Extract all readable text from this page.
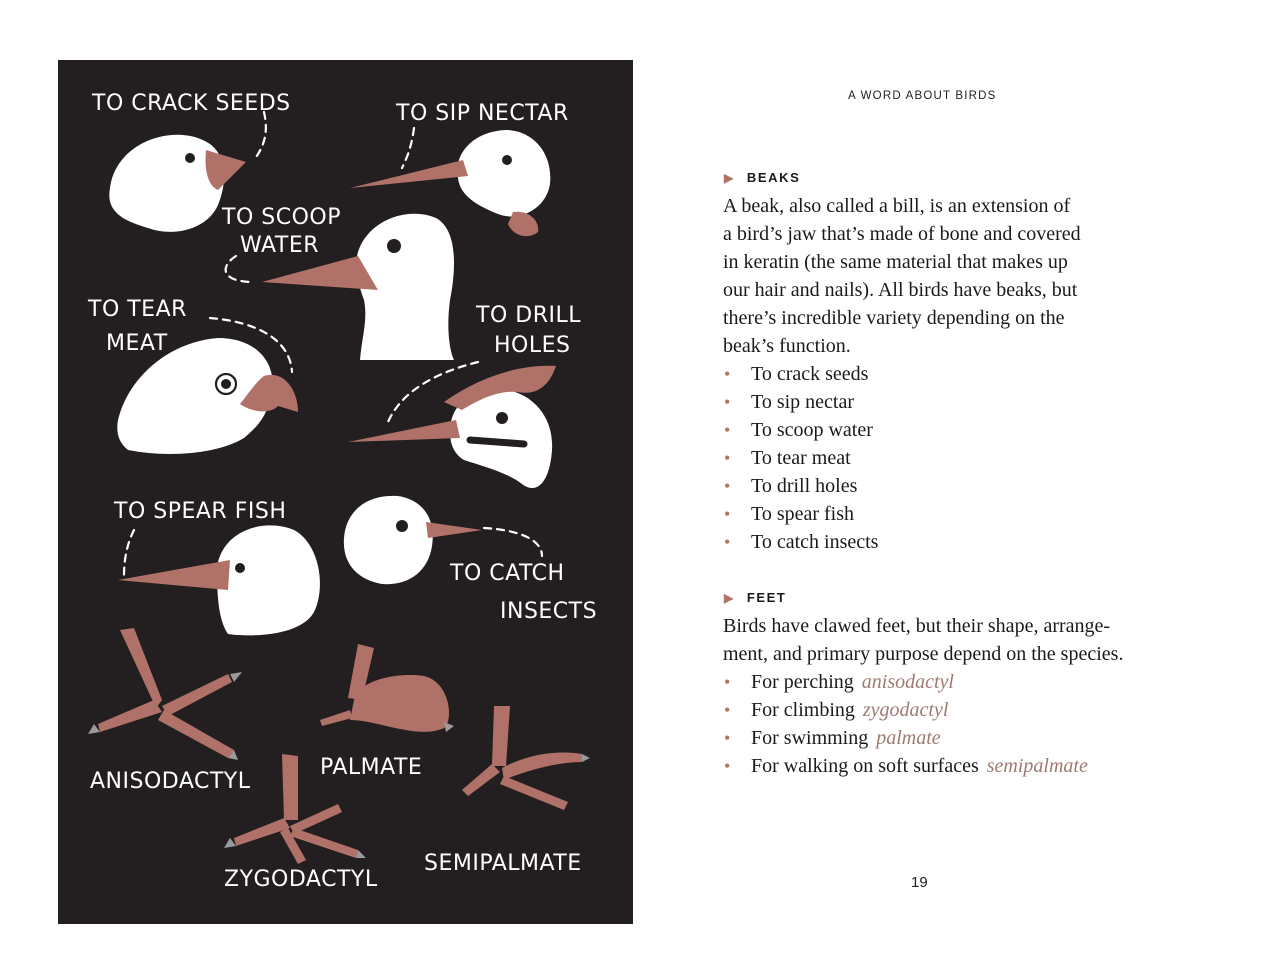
TO CRACK SEEDS	TO SIP NECTAR
TO SCOOP
WATER
TO TEAR
MEAT
TO DRILL
HOLES
TO SPEAR FISH
TO CATCH
INSECTS
ANISODACTYL
PALMATE
ZYGODACTYL
SEMIPALMATE
A WORD ABOUT BIRDS
▶ BEAKS
A beak, also called a bill, is an extension of
a bird’s jaw that’s made of bone and covered
in keratin (the same material that makes up
our hair and nails). All birds have beaks, but
there’s incredible variety depending on the
beak’s function.
• To crack seeds
• To sip nectar
• To scoop water
• To tear meat
• To drill holes
• To spear fish
• To catch insects
▶ FEET
Birds have clawed feet, but their shape, arrange-
ment, and primary purpose depend on the species.
• For perching anisodactyl
• For climbing zygodactyl
• For swimming palmate
• For walking on soft surfaces semipalmate
19
